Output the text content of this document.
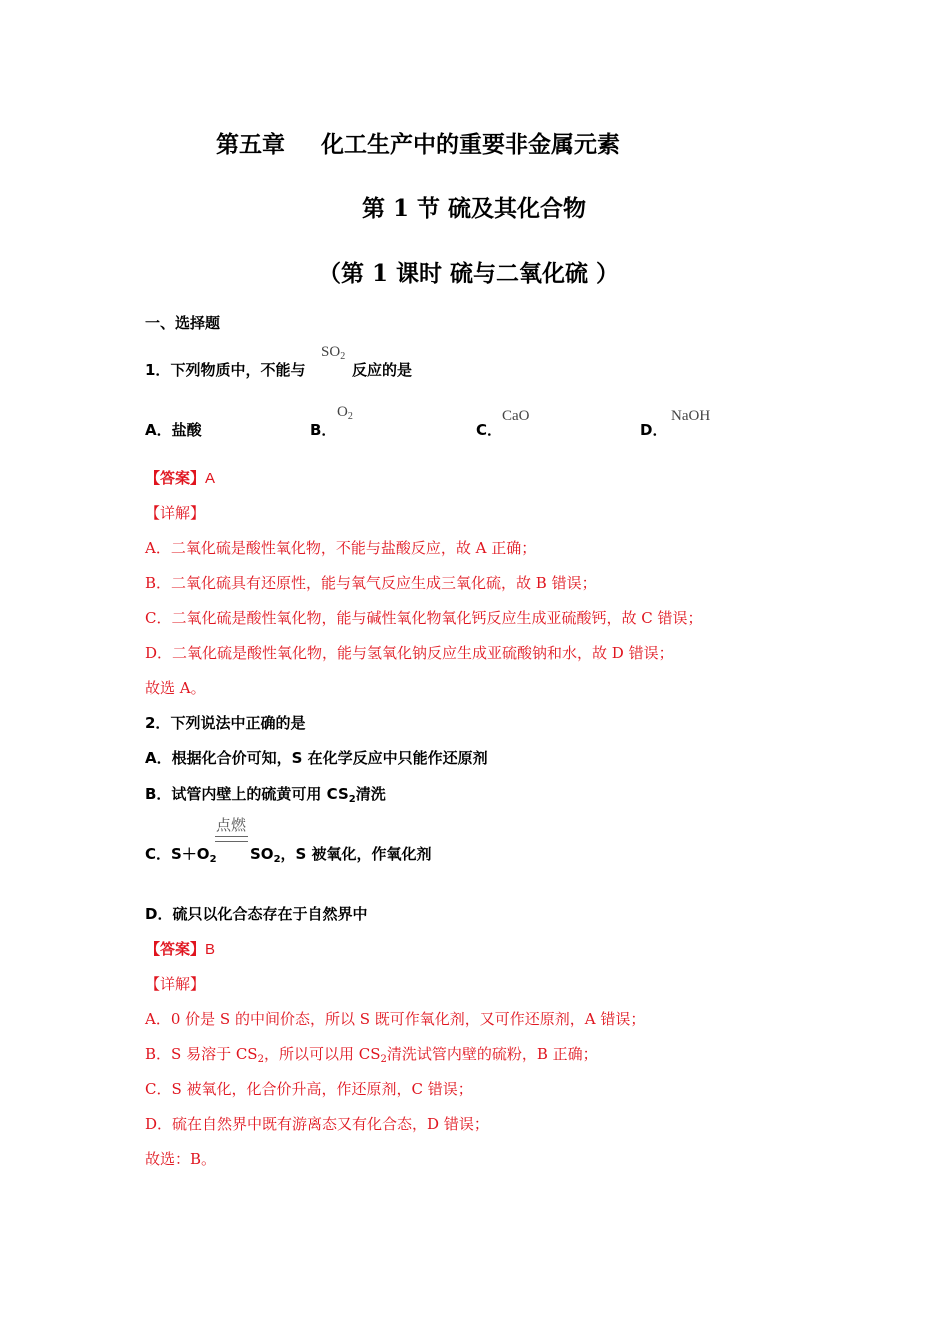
第五章 化工生产中的重要非金属元素
第 1 节 硫及其化合物
（第 1 课时 硫与二氧化硫 ）
一、选择题
1．下列物质中，不能与
$SO_2$
反应的是
A．盐酸	B．
$O_2$
C．
CaO
D．
NaOH
【答案】A
【详解】
A．二氧化硫是酸性氧化物，不能与盐酸反应，故 A 正确；
B．二氧化硫具有还原性，能与氧气反应生成三氧化硫，故 B 错误；
C．二氧化硫是酸性氧化物，能与碱性氧化物氧化钙反应生成亚硫酸钙，故 C 错误；
D．二氧化硫是酸性氧化物，能与氢氧化钠反应生成亚硫酸钠和水，故 D 错误；
故选 A。
2．下列说法中正确的是
A．根据化合价可知，S 在化学反应中只能作还原剂
B．试管内壁上的硫黄可用 $CS_2$清洗
C．$S+O_2$
点燃
$SO_2$，S 被氧化，作氧化剂
D．硫只以化合态存在于自然界中
【答案】B
【详解】
A．0 价是 S 的中间价态，所以 S 既可作氧化剂，又可作还原剂，A 错误；
B．S 易溶于 $CS_2$，所以可以用 $CS_2$清洗试管内壁的硫粉，B 正确；
C．S 被氧化，化合价升高，作还原剂，C 错误；
D．硫在自然界中既有游离态又有化合态，D 错误；
故选：B。
